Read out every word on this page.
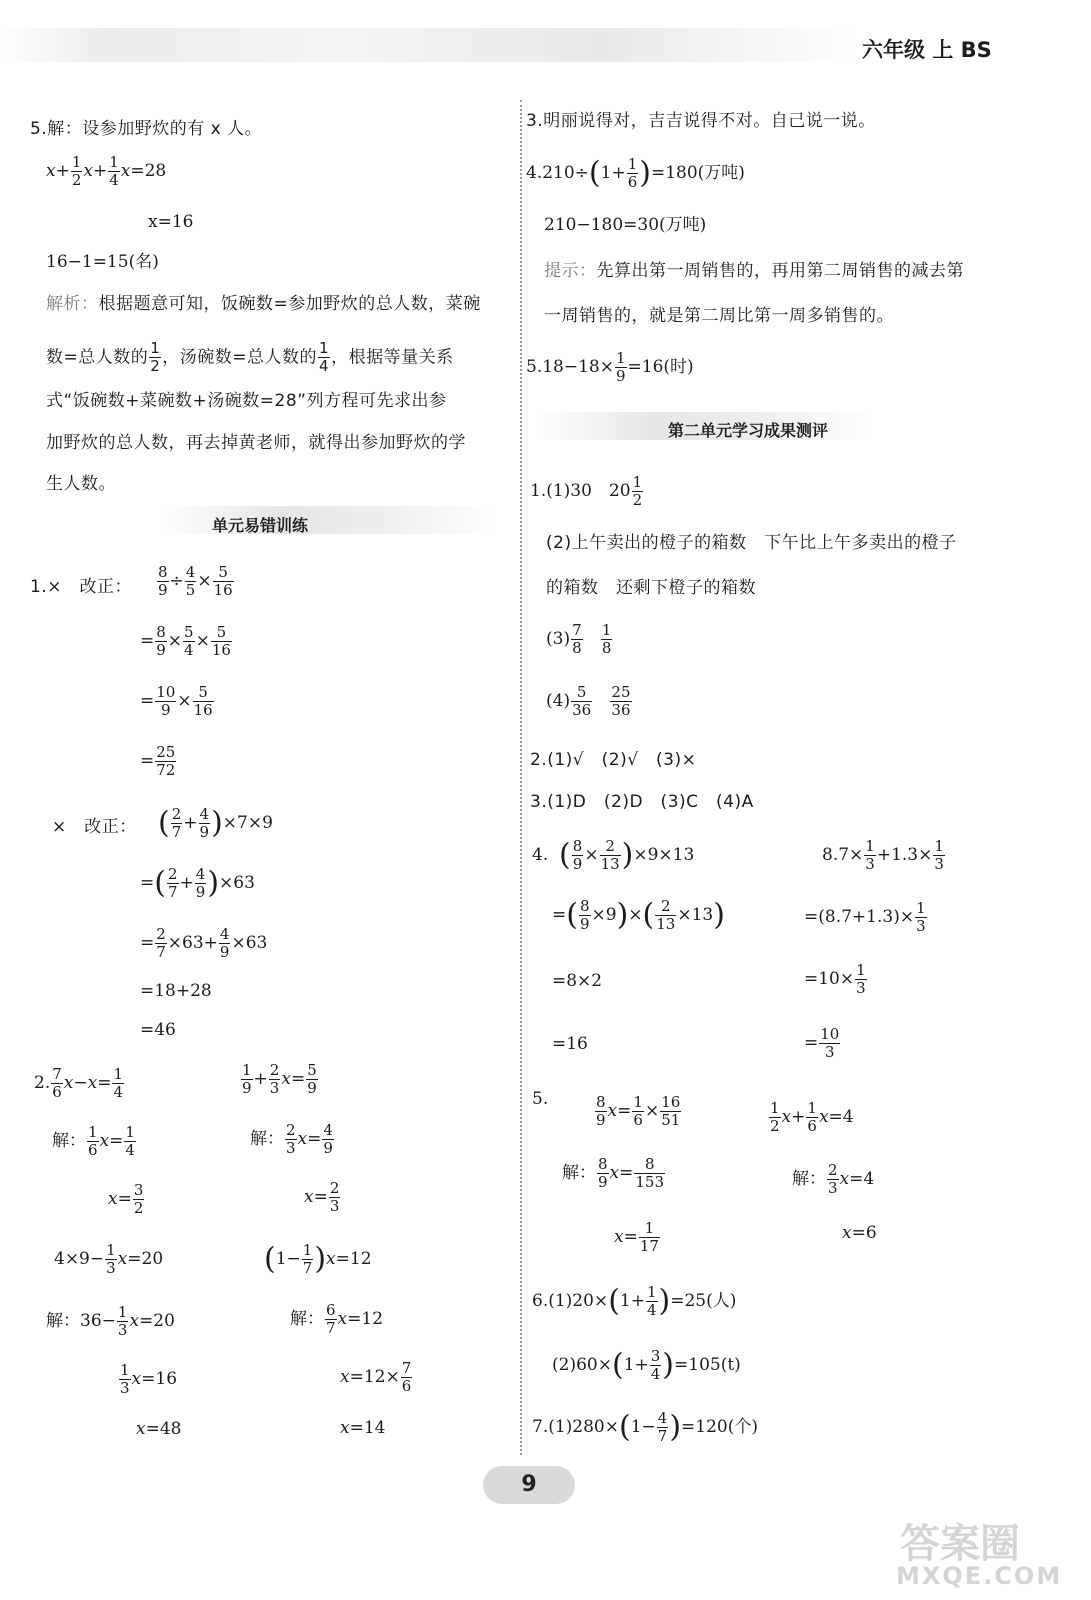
六年级 上 BS
5.解：设参加野炊的有 x 人。
$x+ \frac{1}{2} x+ \frac{1}{4} x=28$
x=16
16−1=15(名)
解析：根据题意可知，饭碗数=参加野炊的总人数，菜碗
数=总人数的 $\frac{1}{2}$ ，汤碗数=总人数的 $\frac{1}{4}$ ，根据等量关系
式“饭碗数+菜碗数+汤碗数=28”列方程可先求出参
加野炊的总人数，再去掉黄老师，就得出参加野炊的学
生人数。
单元易错训练
1.×　改正： $\frac{8}{9} \div \frac{4}{5} \times \frac{5}{16}$
= $\frac{8}{9} \times \frac{5}{4} \times \frac{5}{16}$
= $\frac{10}{9} \times \frac{5}{16}$
= $\frac{25}{72}$
×　改正： ( $\frac{2}{7} + \frac{4}{9} )\times 7\times 9$
=( $\frac{2}{7} + \frac{4}{9} )\times 63$
= $\frac{2}{7} \times 63+ \frac{4}{9} \times 63$
=18+28
=46
2. $\frac{7}{6} x-x= \frac{1}{4}$
解： $\frac{1}{6} x= \frac{1}{4}$
$x= \frac{3}{2}$
$\frac{1}{9} + \frac{2}{3} x= \frac{5}{9}$
解： $\frac{2}{3} x= \frac{4}{9}$
$x= \frac{2}{3}$
$4\times 9- \frac{1}{3} x=20$
解：$36- \frac{1}{3} x=20$
$\frac{1}{3} x=16$
x=48
$(1- \frac{1}{7} )x=12$
解： $\frac{6}{7} x=12$
$x=12\times \frac{7}{6}$
x=14
3.明丽说得对，吉吉说得不对。自己说一说。
$4.210\div(1+ \frac{1}{6} )=180$(万吨)
210−180=30(万吨)
提示：先算出第一周销售的，再用第二周销售的减去第
一周销售的，就是第二周比第一周多销售的。
$5.18-18\times \frac{1}{9} =16$(时)
第二单元学习成果测评
1.(1)30　$20 \frac{1}{2}$
(2)上午卖出的橙子的箱数　下午比上午多卖出的橙子
的箱数　还剩下橙子的箱数
$(3) \frac{7}{8}$
$\frac{1}{8}$
$(4) \frac{5}{36}$
$\frac{25}{36}$
2.(1)√　(2)√　(3)×
3.(1)D　(2)D　(3)C　(4)A
4. ( $\frac{8}{9} \times \frac{2}{13} )\times 9\times 13$
=( $\frac{8}{9} \times 9)\times( \frac{2}{13} \times 13)$
=8×2
=16
$8.7\times \frac{1}{3} +1.3\times \frac{1}{3}$
$=(8.7+1.3)\times \frac{1}{3}$
$=10\times \frac{1}{3}$
= $\frac{10}{3}$
5.	$\frac{8}{9} x= \frac{1}{6} \times \frac{16}{51}$
解： $\frac{8}{9} x= \frac{8}{153}$
$x= \frac{1}{17}$
$\frac{1}{2} x+ \frac{1}{6} x=4$
解： $\frac{2}{3} x=4$
x=6
$6.(1)20\times(1+ \frac{1}{4} )=25$(人)
$(2)60\times(1+ \frac{3}{4} )=105(t)$
$7.(1)280\times(1- \frac{4}{7} )=120$(个)
9
答案圈
MXQE.COM
